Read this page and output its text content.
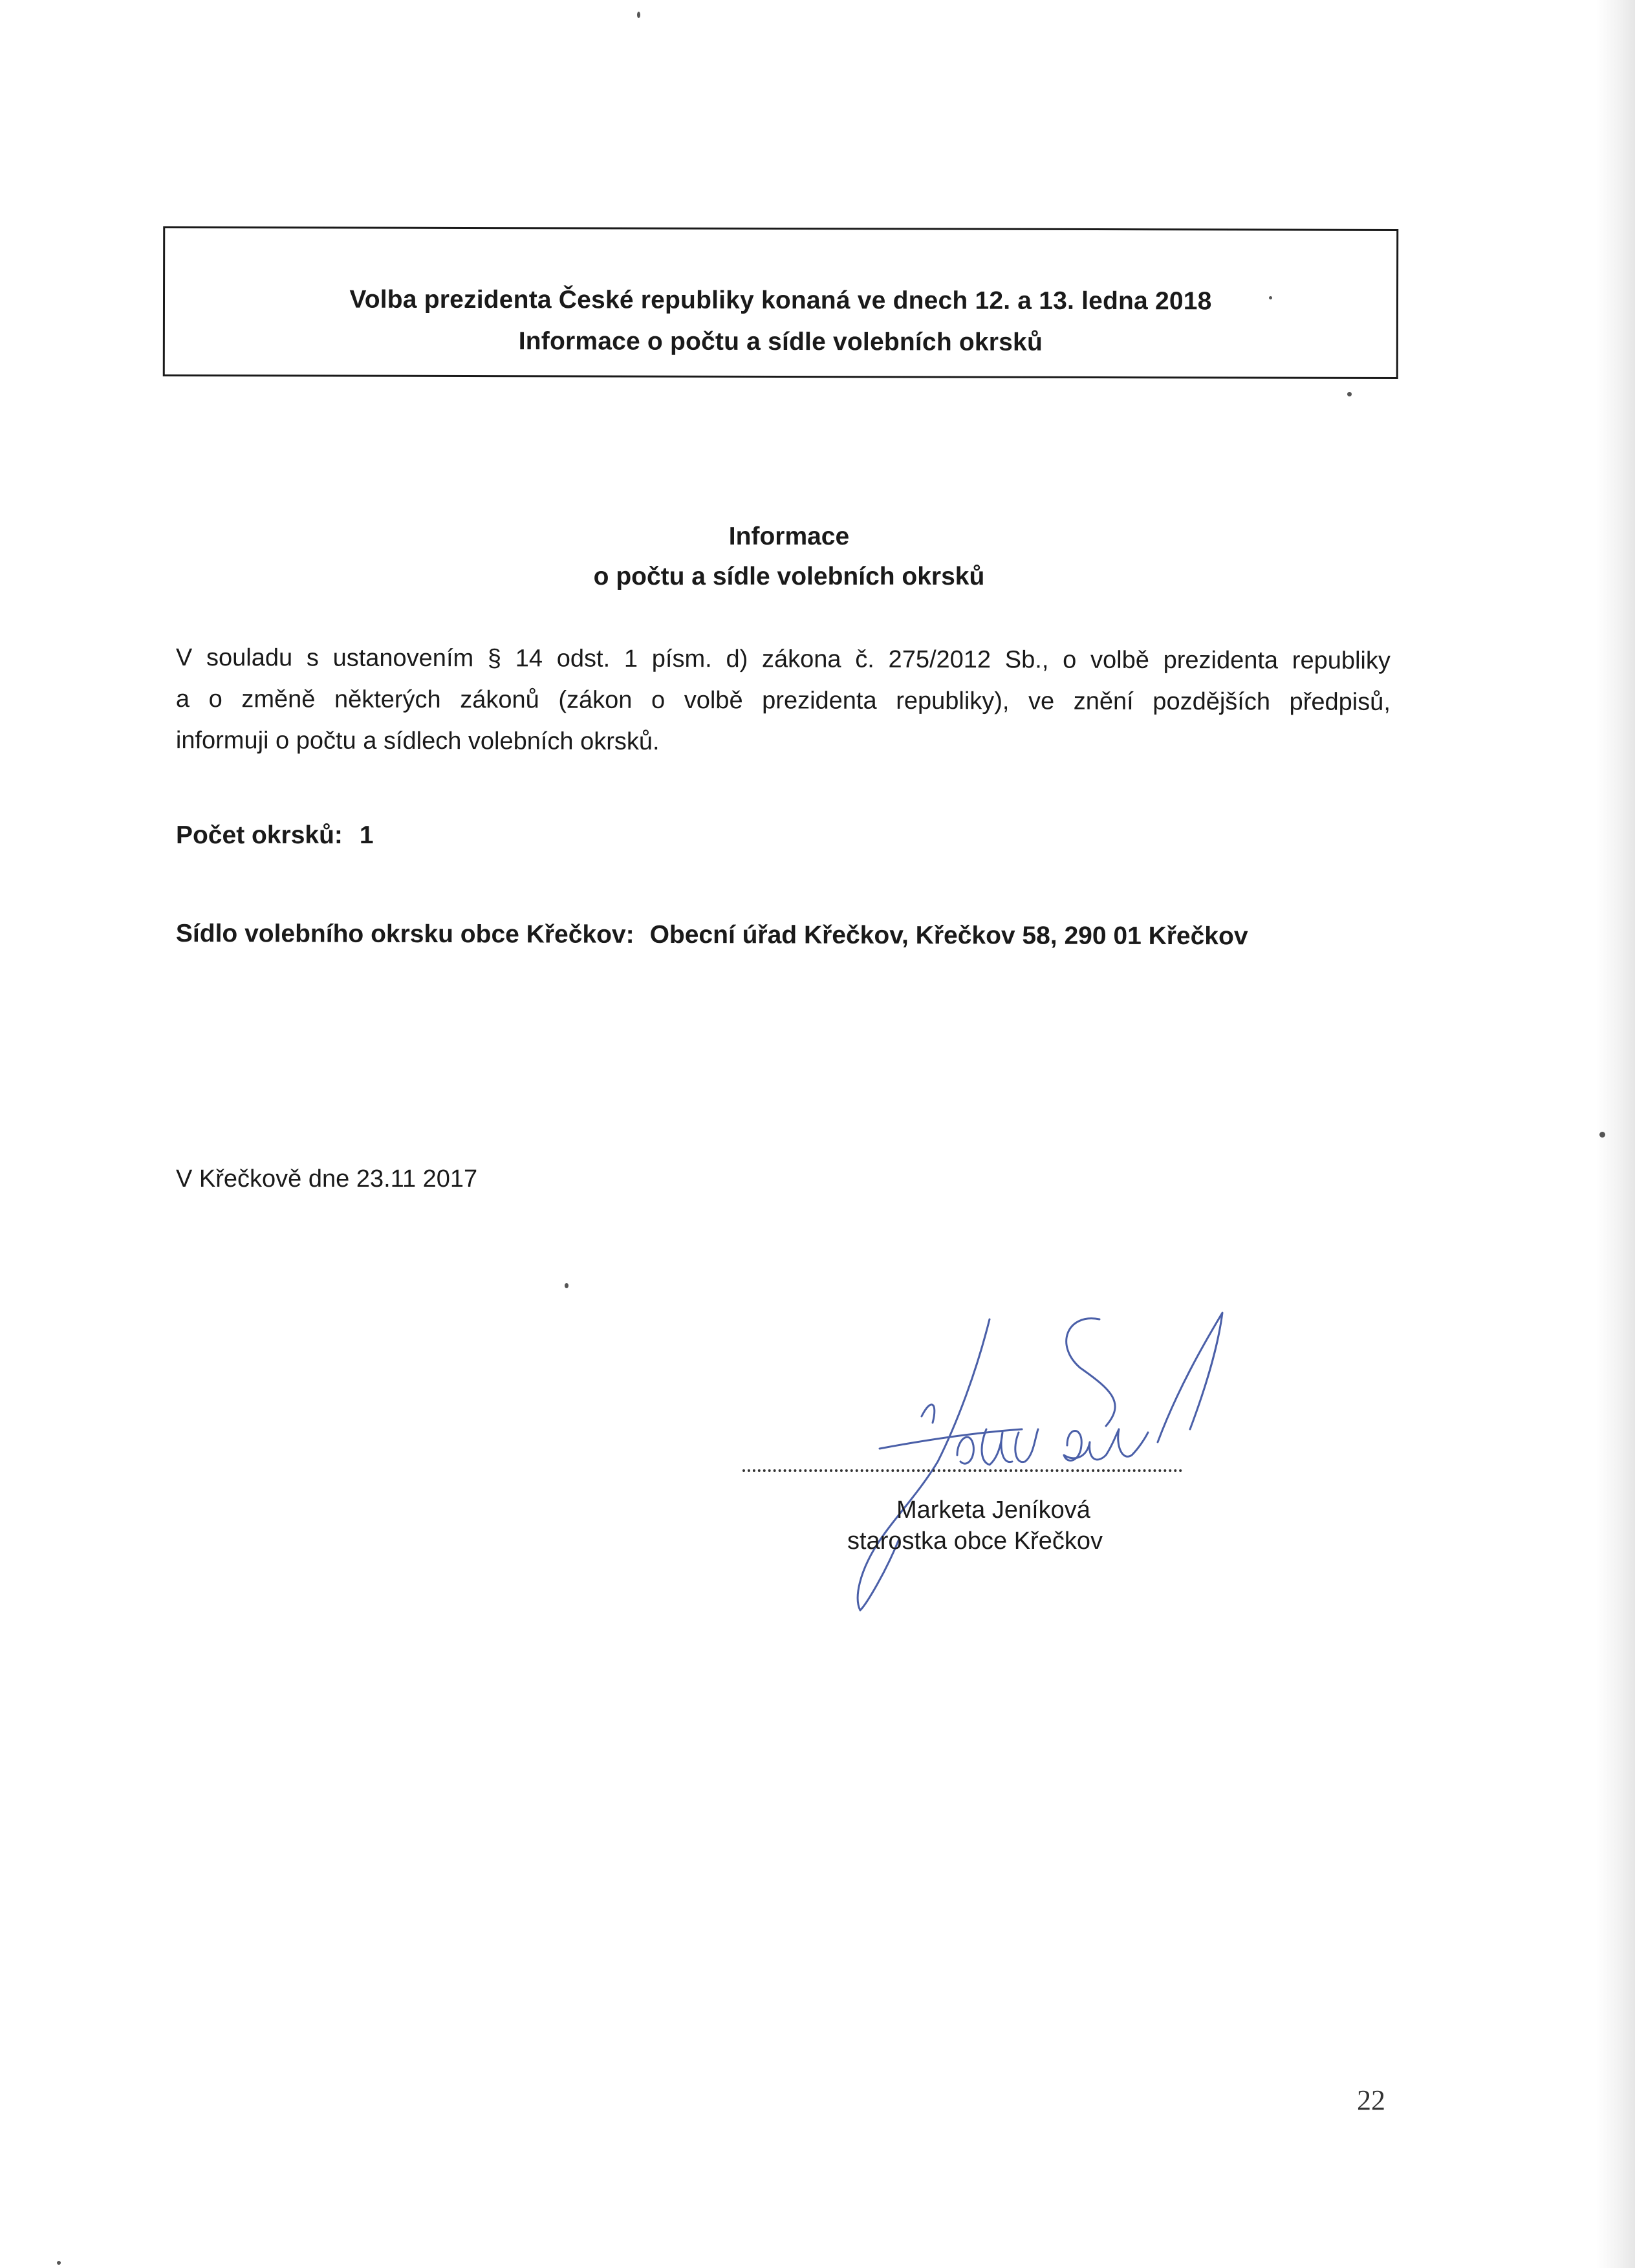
Volba prezidenta České republiky konaná ve dnech 12. a 13. ledna 2018
Informace o počtu a sídle volebních okrsků
Informace
o počtu a sídle volebních okrsků
V souladu s ustanovením § 14 odst. 1 písm. d) zákona č. 275/2012 Sb., o volbě prezidenta republiky
a o změně některých zákonů (zákon o volbě prezidenta republiky), ve znění pozdějších předpisů,
informuji o počtu a sídlech volebních okrsků.
Počet okrsků: 1
Sídlo volebního okrsku obce Křečkov: Obecní úřad Křečkov, Křečkov 58, 290 01 Křečkov
V Křečkově dne 23.11 2017
Marketa Jeníková
starostka obce Křečkov
22
